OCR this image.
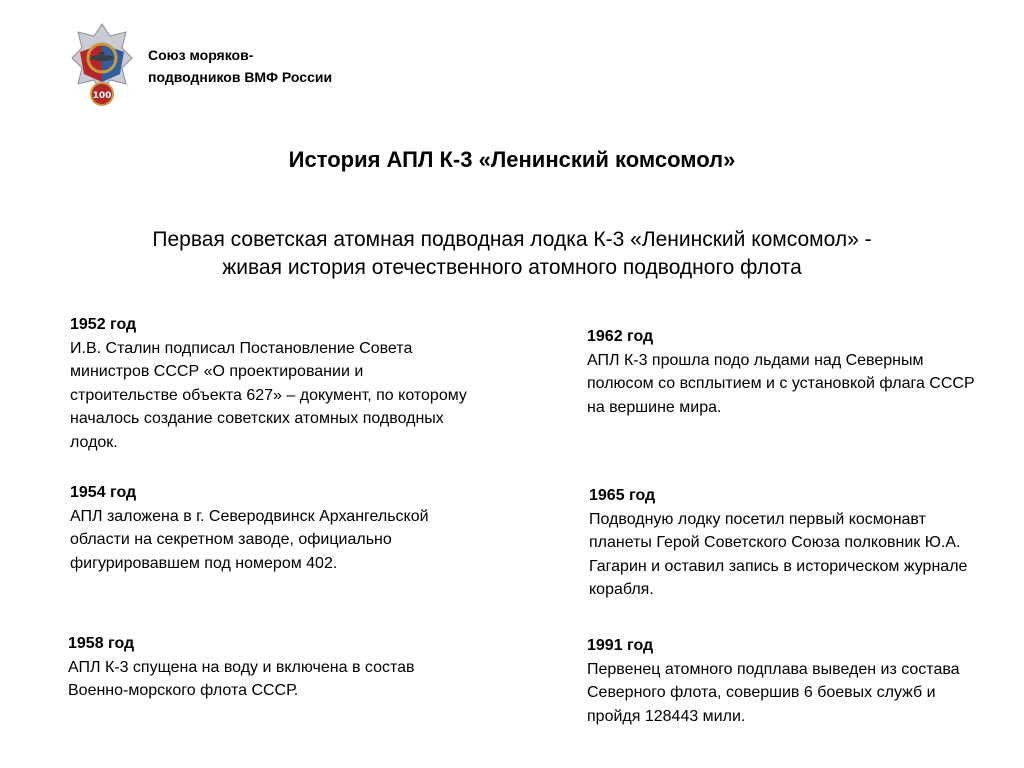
100
Союз моряков-
подводников ВМФ России
История АПЛ К-3 «Ленинский комсомол»
Первая советская атомная подводная лодка К-3 «Ленинский комсомол» -
живая история отечественного атомного подводного флота
1952 год
И.В. Сталин подписал Постановление Совета министров СССР «О проектировании и строительстве объекта 627» – документ, по которому началось создание советских атомных подводных лодок.
1954 год
АПЛ заложена в г. Северодвинск Архангельской области на секретном заводе, официально фигурировавшем под номером 402.
1958 год
АПЛ К-3 спущена на воду и включена в состав Военно-морского флота СССР.
1962 год
АПЛ К-3 прошла подо льдами над Северным полюсом со всплытием и с установкой флага СССР на вершине мира.
1965 год
Подводную лодку посетил первый космонавт планеты Герой Советского Союза полковник Ю.А. Гагарин и оставил запись в историческом журнале корабля.
1991 год
Первенец атомного подплава выведен из состава Северного флота, совершив 6 боевых служб и пройдя 128443 мили.
